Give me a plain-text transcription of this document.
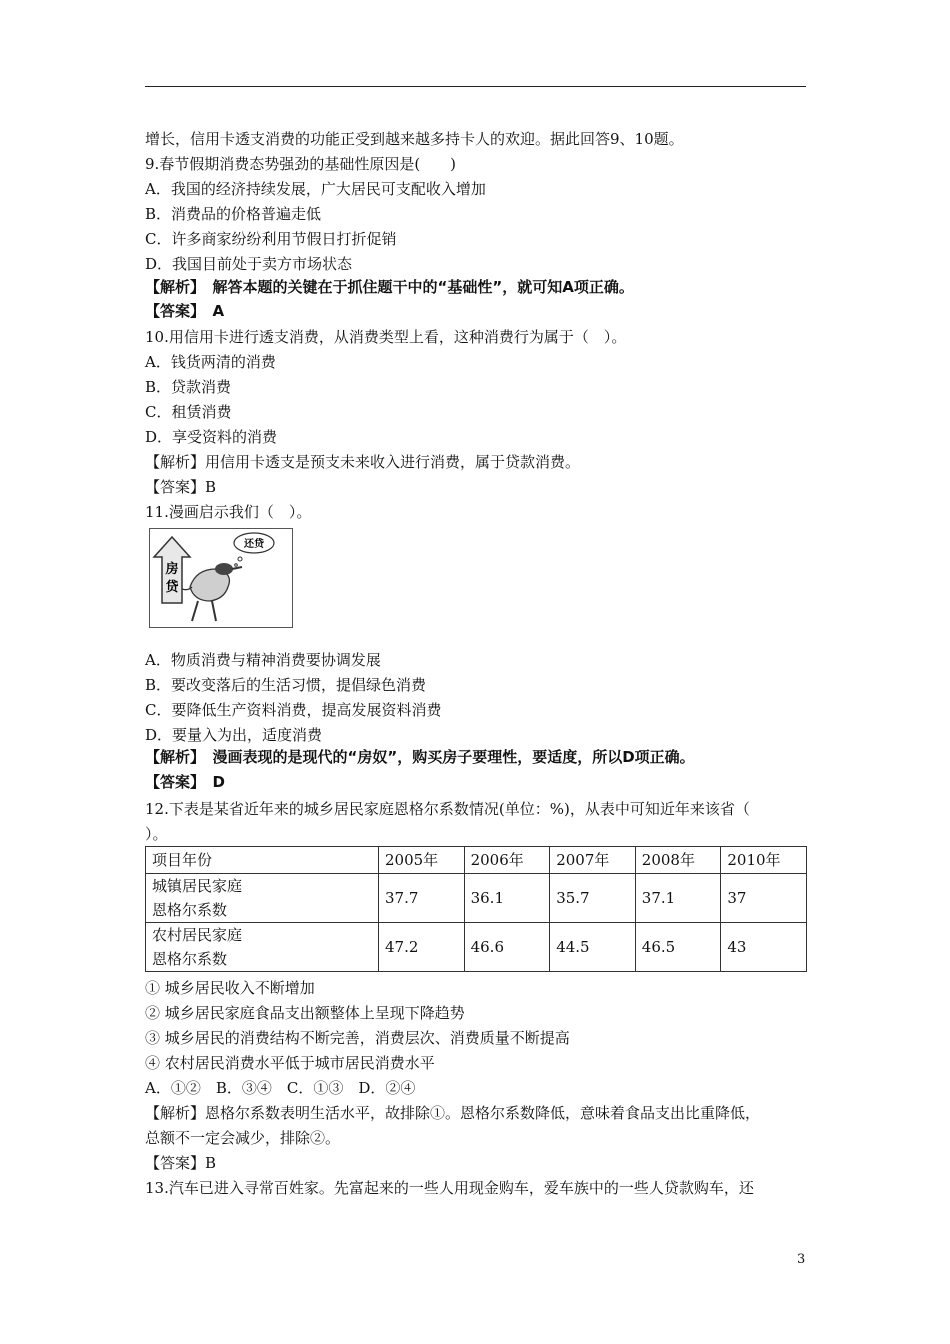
增长，信用卡透支消费的功能正受到越来越多持卡人的欢迎。据此回答9、10题。
9.春节假期消费态势强劲的基础性原因是(　　)
A．我国的经济持续发展，广大居民可支配收入增加
B．消费品的价格普遍走低
C．许多商家纷纷利用节假日打折促销
D．我国目前处于卖方市场状态
【解析】　解答本题的关键在于抓住题干中的“基础性”，就可知A项正确。
【答案】　A
10.用信用卡进行透支消费，从消费类型上看，这种消费行为属于（　）。
A．钱货两清的消费
B．贷款消费
C．租赁消费
D．享受资料的消费
【解析】用信用卡透支是预支未来收入进行消费，属于贷款消费。
【答案】B
11.漫画启示我们（　）。
房
贷
还贷
A．物质消费与精神消费要协调发展
B．要改变落后的生活习惯，提倡绿色消费
C．要降低生产资料消费，提高发展资料消费
D．要量入为出，适度消费
【解析】　漫画表现的是现代的“房奴”，购买房子要理性，要适度，所以D项正确。
【答案】　D
12.下表是某省近年来的城乡居民家庭恩格尔系数情况(单位：%)，从表中可知近年来该省（
）。
项目年份	2005年	2006年	2007年	2008年	2010年

城镇居民家庭
恩格尔系数	37.7	36.1	35.7	37.1	37

农村居民家庭
恩格尔系数	47.2	46.6	44.5	46.5	43
① 城乡居民收入不断增加
② 城乡居民家庭食品支出额整体上呈现下降趋势
③ 城乡居民的消费结构不断完善，消费层次、消费质量不断提高
④ 农村居民消费水平低于城市居民消费水平
A．①②　B．③④　C．①③　D．②④
【解析】恩格尔系数表明生活水平，故排除①。恩格尔系数降低，意味着食品支出比重降低，
总额不一定会减少，排除②。
【答案】B
13.汽车已进入寻常百姓家。先富起来的一些人用现金购车，爱车族中的一些人贷款购车，还
3
